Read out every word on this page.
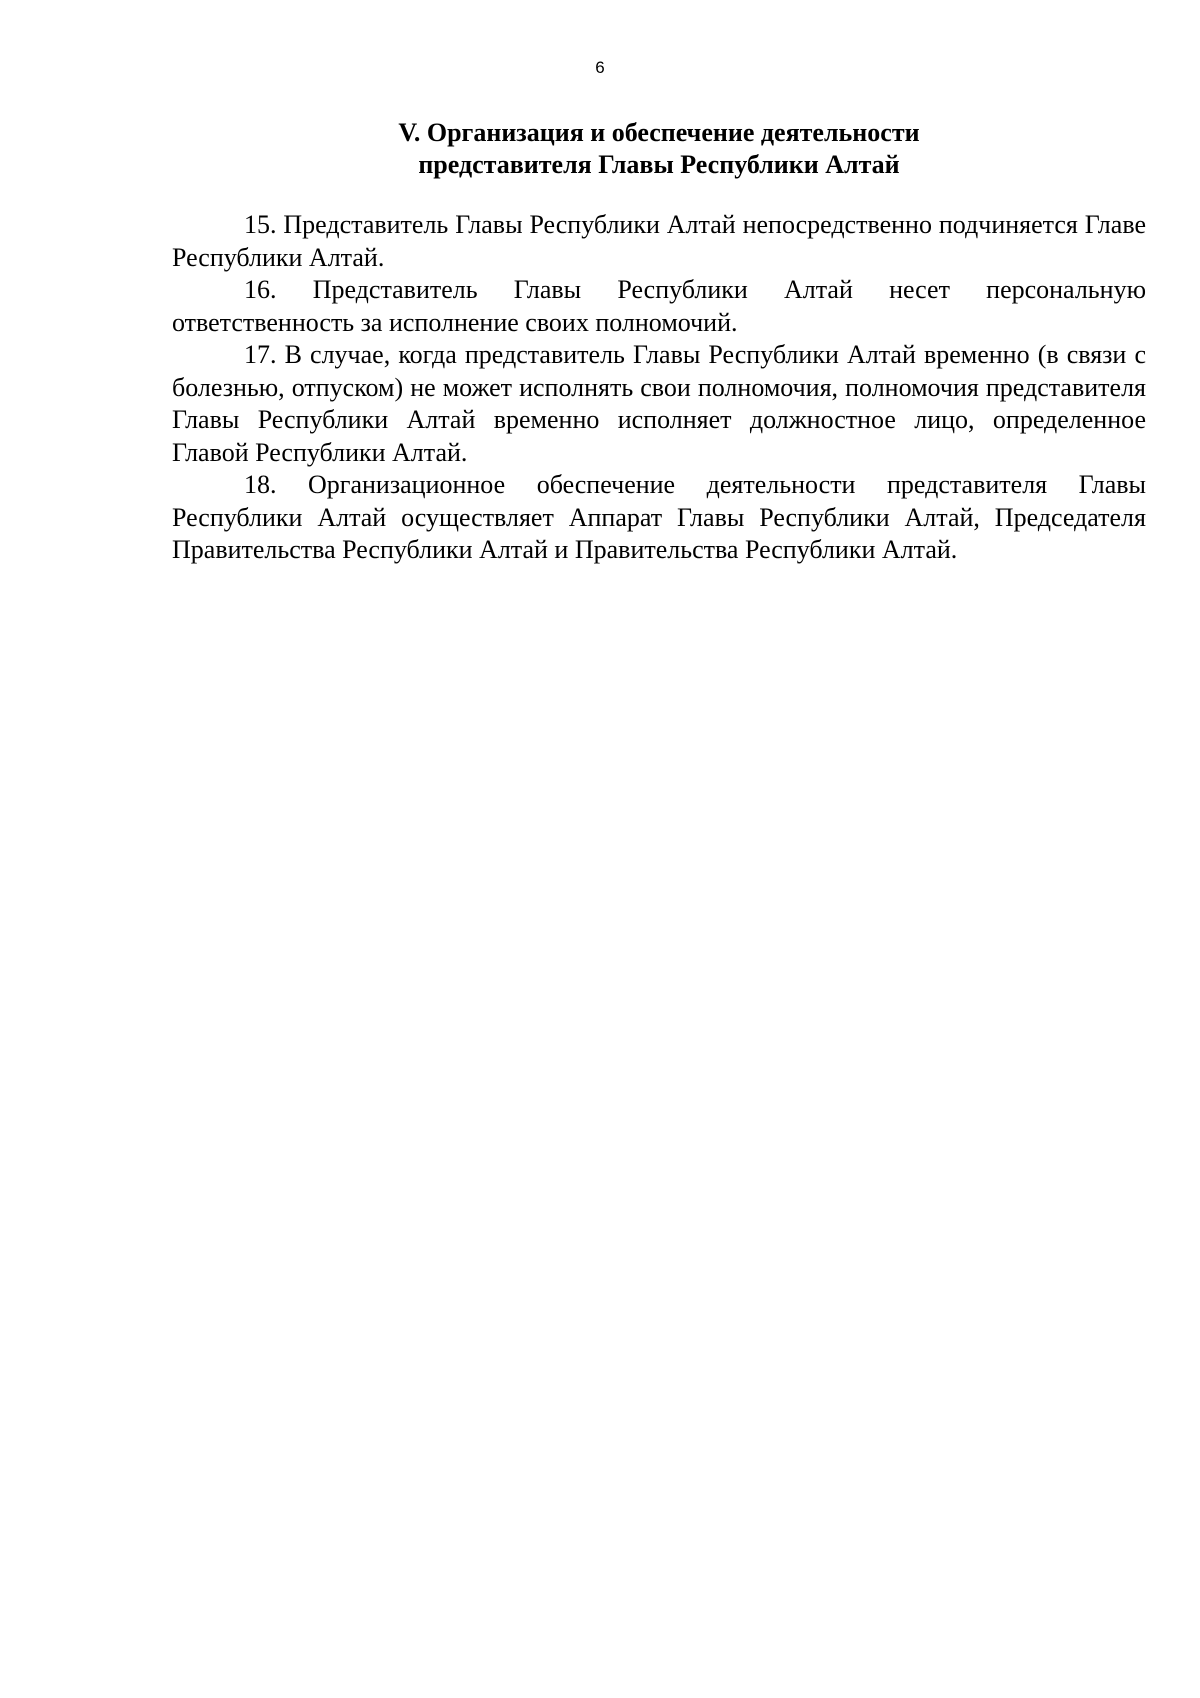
6
V. Организация и обеспечение деятельности
представителя Главы Республики Алтай

15. Представитель Главы Республики Алтай непосредственно подчиняется Главе Республики Алтай.

16. Представитель Главы Республики Алтай несет персональную ответственность за исполнение своих полномочий.

17. В случае, когда представитель Главы Республики Алтай временно (в связи с болезнью, отпуском) не может исполнять свои полномочия, полномочия представителя Главы Республики Алтай временно исполняет должностное лицо, определенное Главой Республики Алтай.

18. Организационное обеспечение деятельности представителя Главы Республики Алтай осуществляет Аппарат Главы Республики Алтай, Председателя Правительства Республики Алтай и Правительства Республики Алтай.
